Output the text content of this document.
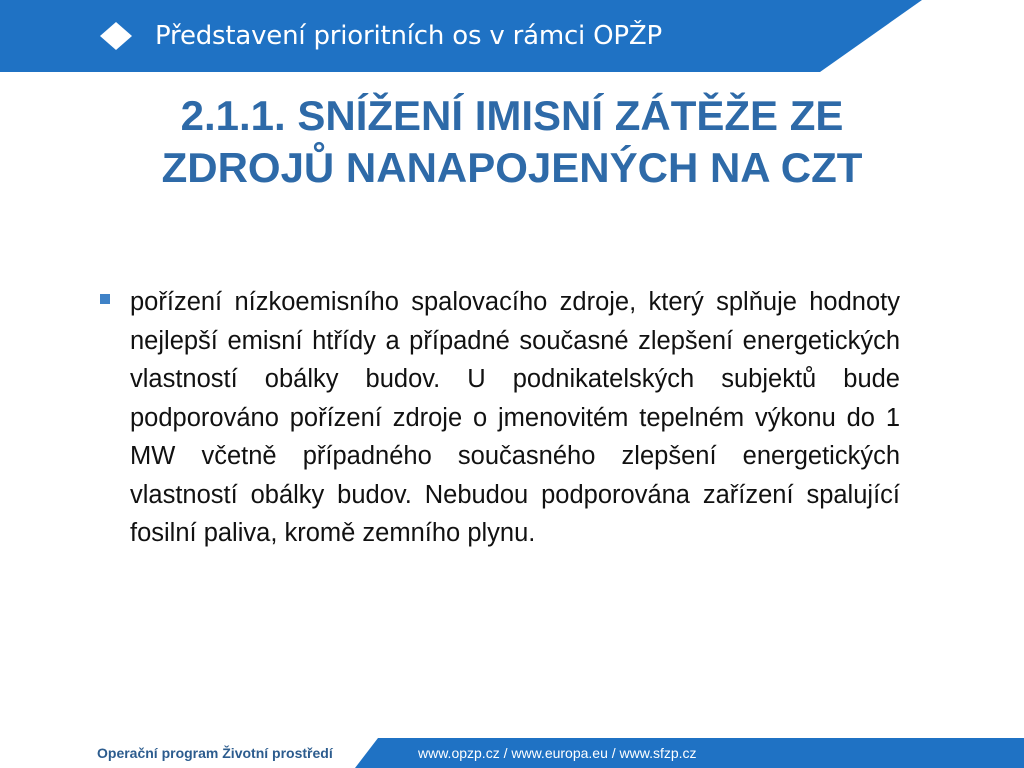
Představení prioritních os v rámci OPŽP
2.1.1. SNÍŽENÍ IMISNÍ ZÁTĚŽE ZE
ZDROJŮ NANAPOJENÝCH NA CZT
pořízení nízkoemisního spalovacího zdroje, který splňuje hodnoty nejlepší emisní htřídy a případné současné zlepšení energetických vlastností obálky budov. U podnikatelských subjektů bude podporováno pořízení zdroje o jmenovitém tepelném výkonu do 1 MW včetně případného současného zlepšení energetických vlastností obálky budov. Nebudou podporována zařízení spalující fosilní paliva, kromě zemního plynu.
Operační program Životní prostředí	www.opzp.cz / www.europa.eu / www.sfzp.cz
